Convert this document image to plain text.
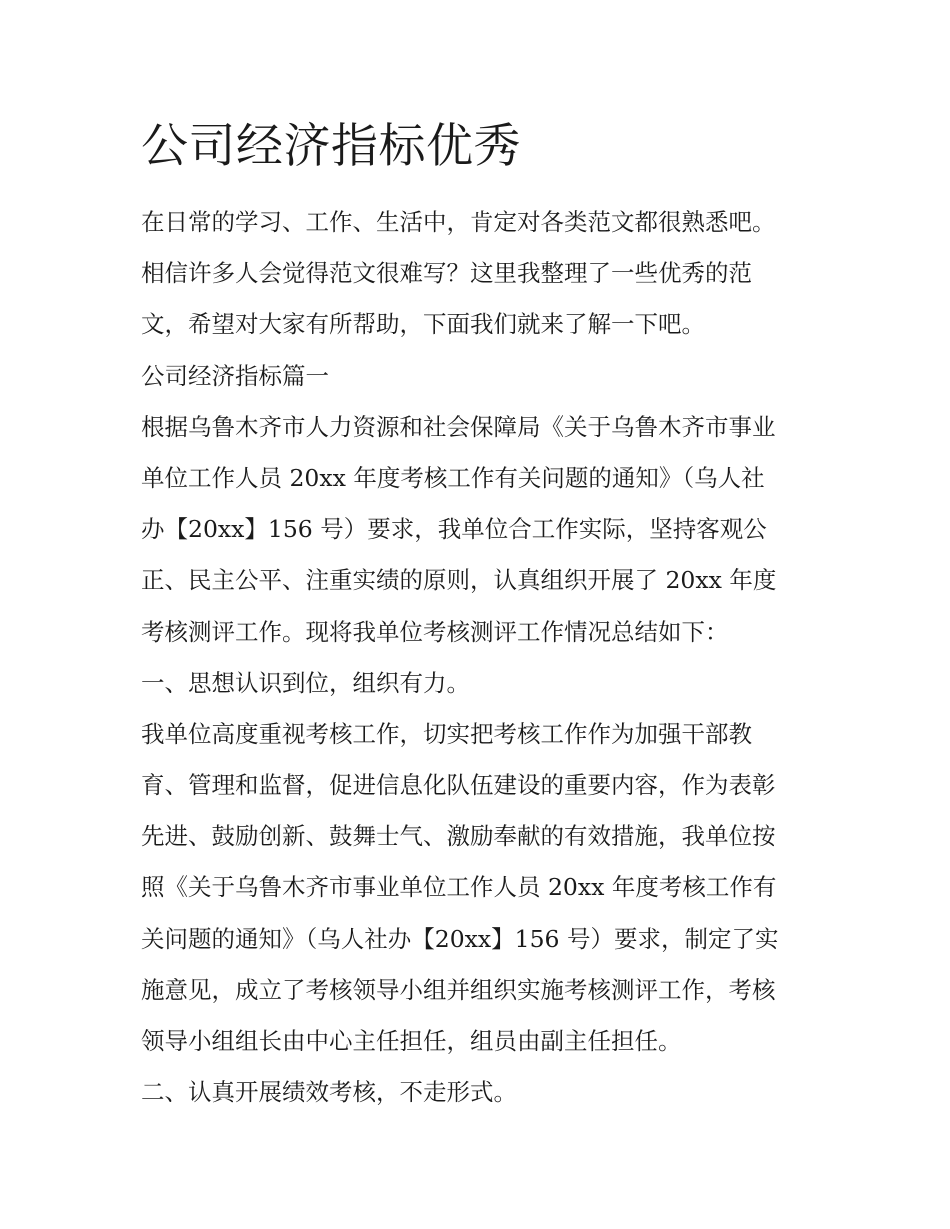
公司经济指标优秀
在日常的学习、工作、生活中，肯定对各类范文都很熟悉吧。
相信许多人会觉得范文很难写？这里我整理了一些优秀的范
文，希望对大家有所帮助，下面我们就来了解一下吧。
公司经济指标篇一
根据乌鲁木齐市人力资源和社会保障局《关于乌鲁木齐市事业
单位工作人员 20xx 年度考核工作有关问题的通知》（乌人社
办【20xx】156 号）要求，我单位合工作实际，坚持客观公
正、民主公平、注重实绩的原则，认真组织开展了 20xx 年度
考核测评工作。现将我单位考核测评工作情况总结如下：
一、思想认识到位，组织有力。
我单位高度重视考核工作，切实把考核工作作为加强干部教
育、管理和监督，促进信息化队伍建设的重要内容，作为表彰
先进、鼓励创新、鼓舞士气、激励奉献的有效措施，我单位按
照《关于乌鲁木齐市事业单位工作人员 20xx 年度考核工作有
关问题的通知》（乌人社办【20xx】156 号）要求，制定了实
施意见，成立了考核领导小组并组织实施考核测评工作，考核
领导小组组长由中心主任担任，组员由副主任担任。
二、认真开展绩效考核，不走形式。
